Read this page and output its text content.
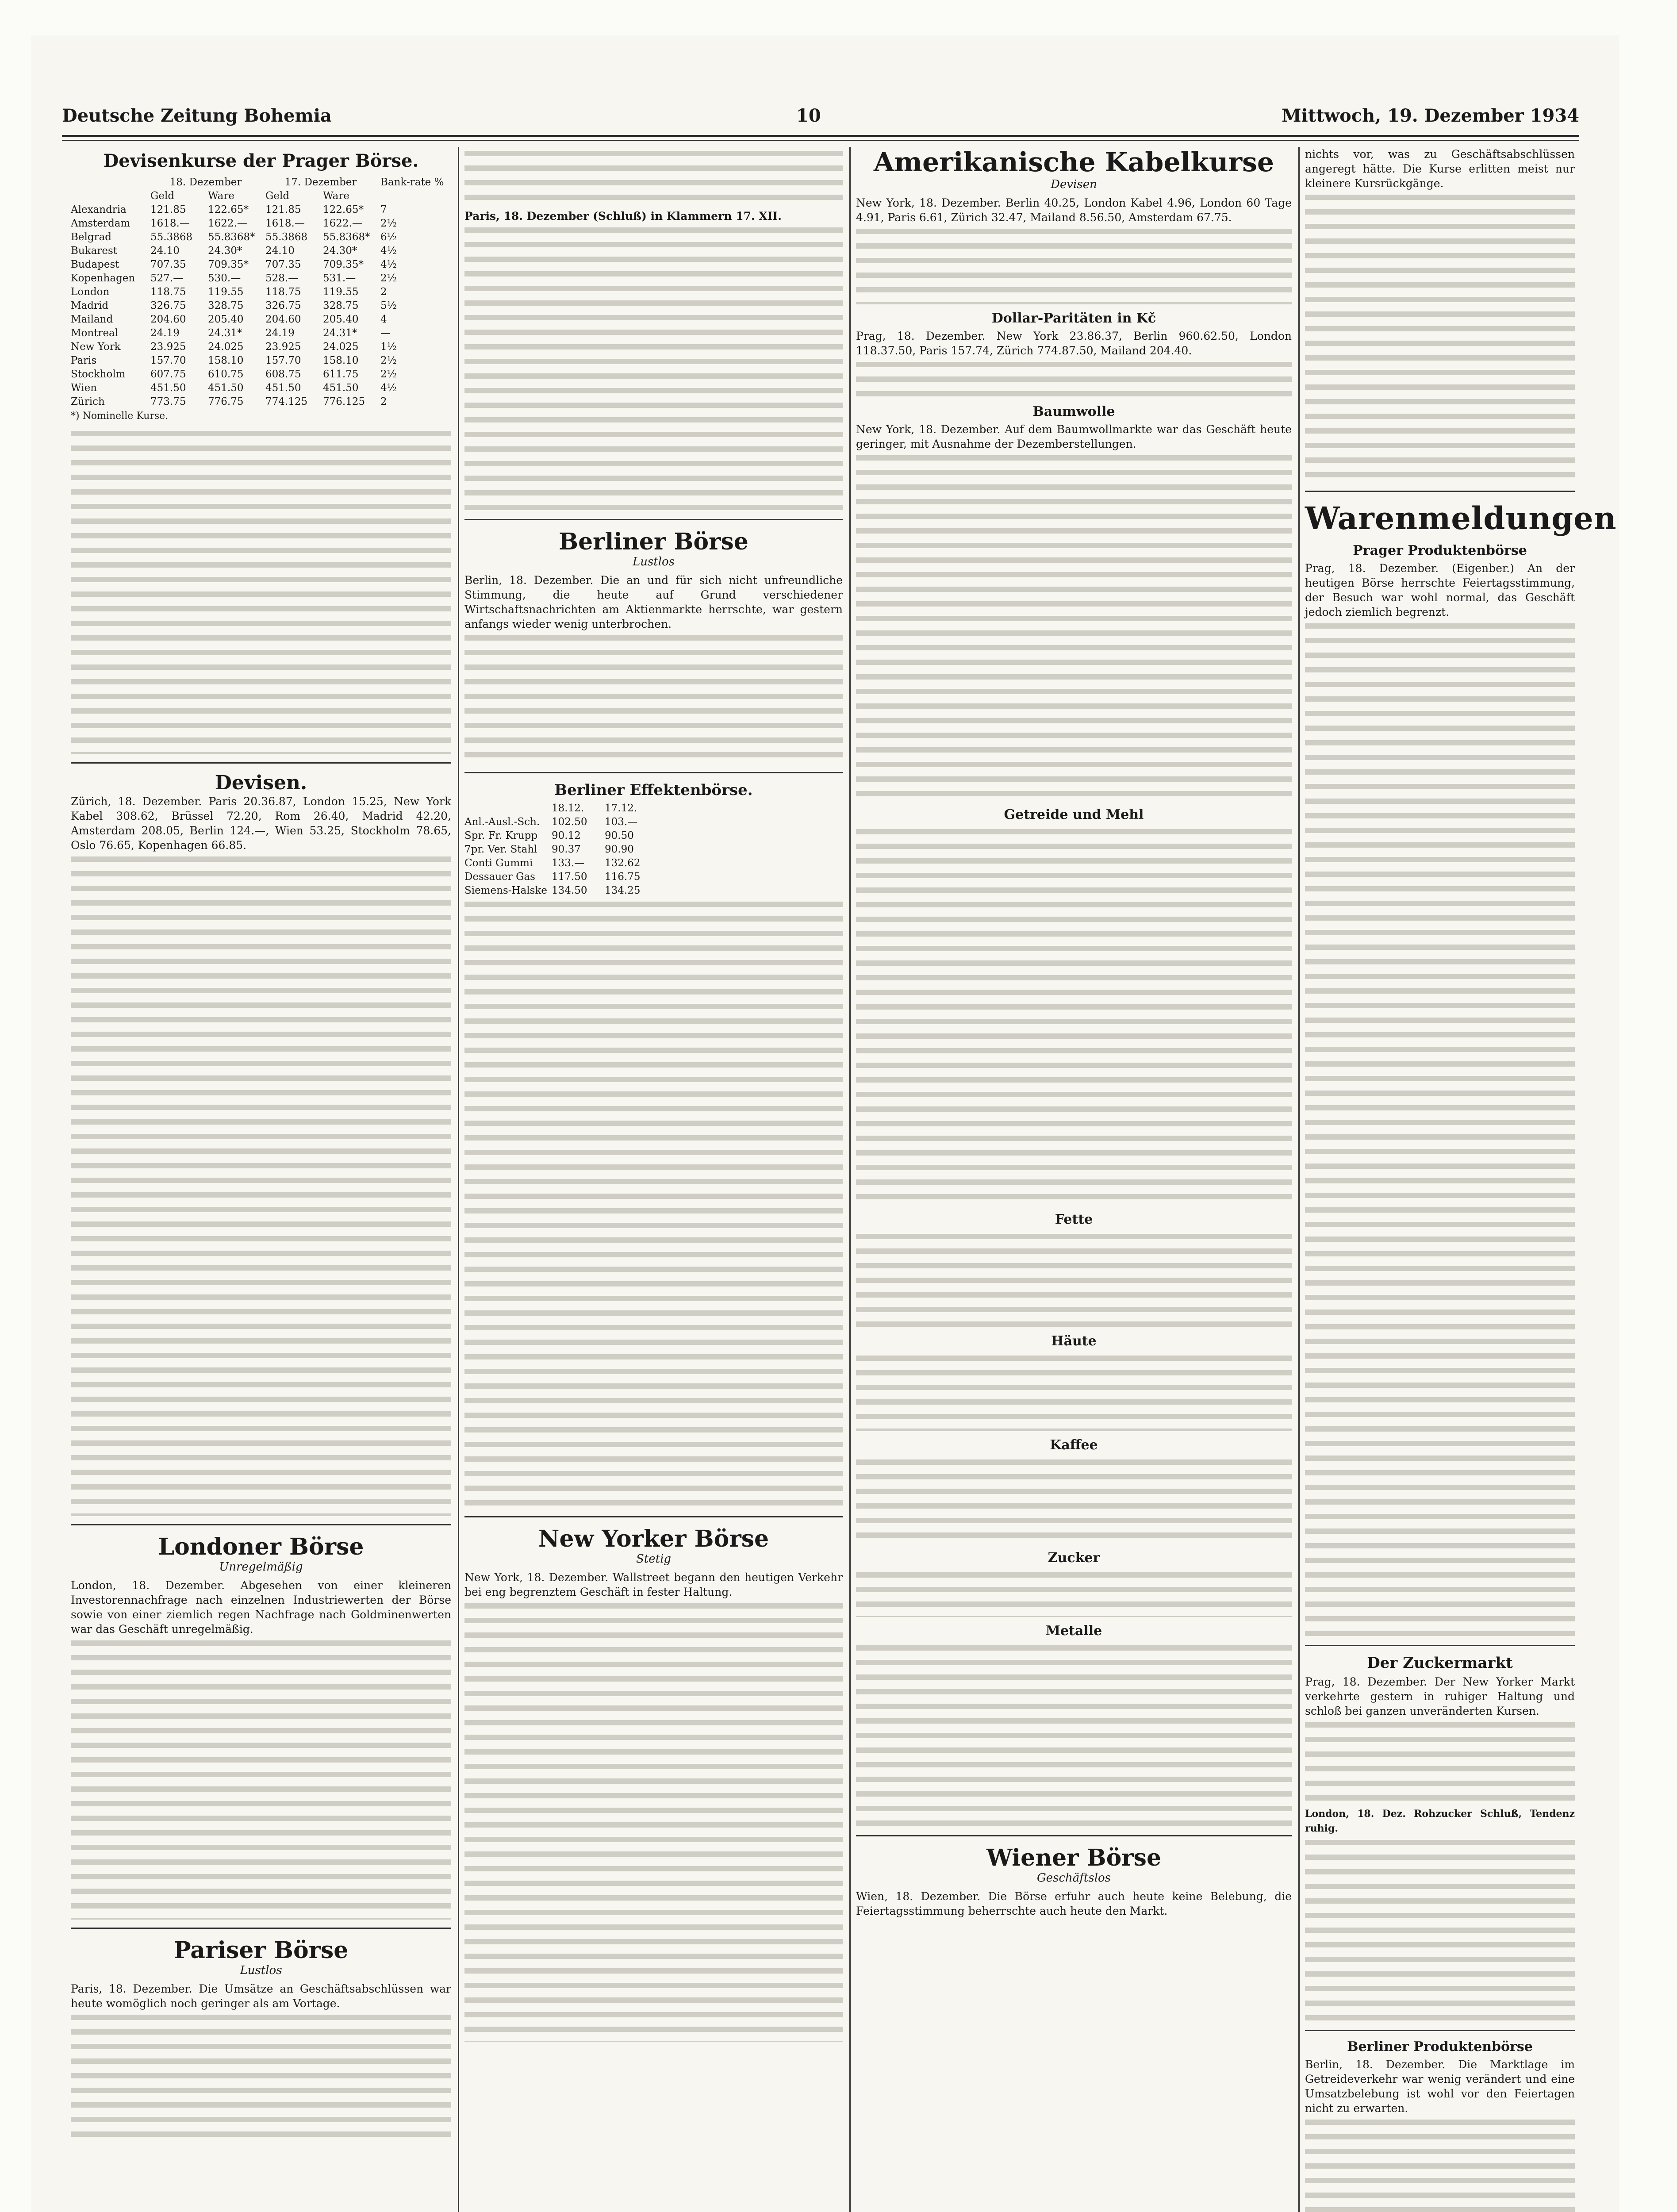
Deutsche Zeitung Bohemia	10	Mittwoch, 19. Dezember 1934
Devisenkurse der Prager Börse.
18. Dezember	17. Dezember	Bank-rate %
Geld	Ware	Geld	Ware
Alexandria	121.85	122.65*	121.85	122.65*	7
Amsterdam	1618.—	1622.—	1618.—	1622.—	2½
Belgrad	55.3868	55.8368*	55.3868	55.8368*	6½
Bukarest	24.10	24.30*	24.10	24.30*	4½
Budapest	707.35	709.35*	707.35	709.35*	4½
Kopenhagen	527.—	530.—	528.—	531.—	2½
London	118.75	119.55	118.75	119.55	2
Madrid	326.75	328.75	326.75	328.75	5½
Mailand	204.60	205.40	204.60	205.40	4
Montreal	24.19	24.31*	24.19	24.31*	—
New York	23.925	24.025	23.925	24.025	1½
Paris	157.70	158.10	157.70	158.10	2½
Stockholm	607.75	610.75	608.75	611.75	2½
Wien	451.50	451.50	451.50	451.50	4½
Zürich	773.75	776.75	774.125	776.125	2
*) Nominelle Kurse.
Devisen.
Zürich, 18. Dezember. Paris 20.36.87, London 15.25, New York Kabel 308.62, Brüssel 72.20, Rom 26.40, Madrid 42.20, Amsterdam 208.05, Berlin 124.—, Wien 53.25, Stockholm 78.65, Oslo 76.65, Kopenhagen 66.85.
Londoner Börse
Unregelmäßig
London, 18. Dezember. Abgesehen von einer kleineren Investorennachfrage nach einzelnen Industriewerten der Börse sowie von einer ziemlich regen Nachfrage nach Goldminenwerten war das Geschäft unregelmäßig.
Pariser Börse
Lustlos
Paris, 18. Dezember. Die Umsätze an Geschäftsabschlüssen war heute womöglich noch geringer als am Vortage.
Paris, 18. Dezember (Schluß) in Klammern 17. XII.
Berliner Börse
Lustlos
Berlin, 18. Dezember. Die an und für sich nicht unfreundliche Stimmung, die heute auf Grund verschiedener Wirtschaftsnachrichten am Aktienmarkte herrschte, war gestern anfangs wieder wenig unterbrochen.
Berliner Effektenbörse.
18.12.	17.12.
Anl.-Ausl.-Sch.	102.50	103.—
Spr. Fr. Krupp	90.12	90.50
7pr. Ver. Stahl	90.37	90.90
Conti Gummi	133.—	132.62
Dessauer Gas	117.50	116.75
Siemens-Halske 134.50	134.25
New Yorker Börse
Stetig
New York, 18. Dezember. Wallstreet begann den heutigen Verkehr bei eng begrenztem Geschäft in fester Haltung.
Amerikanische Kabelkurse
Devisen
New York, 18. Dezember. Berlin 40.25, London Kabel 4.96, London 60 Tage 4.91, Paris 6.61, Zürich 32.47, Mailand 8.56.50, Amsterdam 67.75.
Dollar-Paritäten in Kč
Prag, 18. Dezember. New York 23.86.37, Berlin 960.62.50, London 118.37.50, Paris 157.74, Zürich 774.87.50, Mailand 204.40.
Baumwolle
New York, 18. Dezember. Auf dem Baumwollmarkte war das Geschäft heute geringer, mit Ausnahme der Dezemberstellungen.
Getreide und Mehl
Fette
Häute
Kaffee
Zucker
Metalle
Wiener Börse
Geschäftslos
Wien, 18. Dezember. Die Börse erfuhr auch heute keine Belebung, die Feiertagsstimmung beherrschte auch heute den Markt.
nichts vor, was zu Geschäftsabschlüssen angeregt hätte. Die Kurse erlitten meist nur kleinere Kursrückgänge.
Warenmeldungen
Prager Produktenbörse
Prag, 18. Dezember. (Eigenber.) An der heutigen Börse herrschte Feiertagsstimmung, der Besuch war wohl normal, das Geschäft jedoch ziemlich begrenzt.
Der Zuckermarkt
Prag, 18. Dezember. Der New Yorker Markt verkehrte gestern in ruhiger Haltung und schloß bei ganzen unveränderten Kursen.
London, 18. Dez. Rohzucker Schluß, Tendenz ruhig.
Berliner Produktenbörse
Berlin, 18. Dezember. Die Marktlage im Getreideverkehr war wenig verändert und eine Umsatzbelebung ist wohl vor den Feiertagen nicht zu erwarten.
